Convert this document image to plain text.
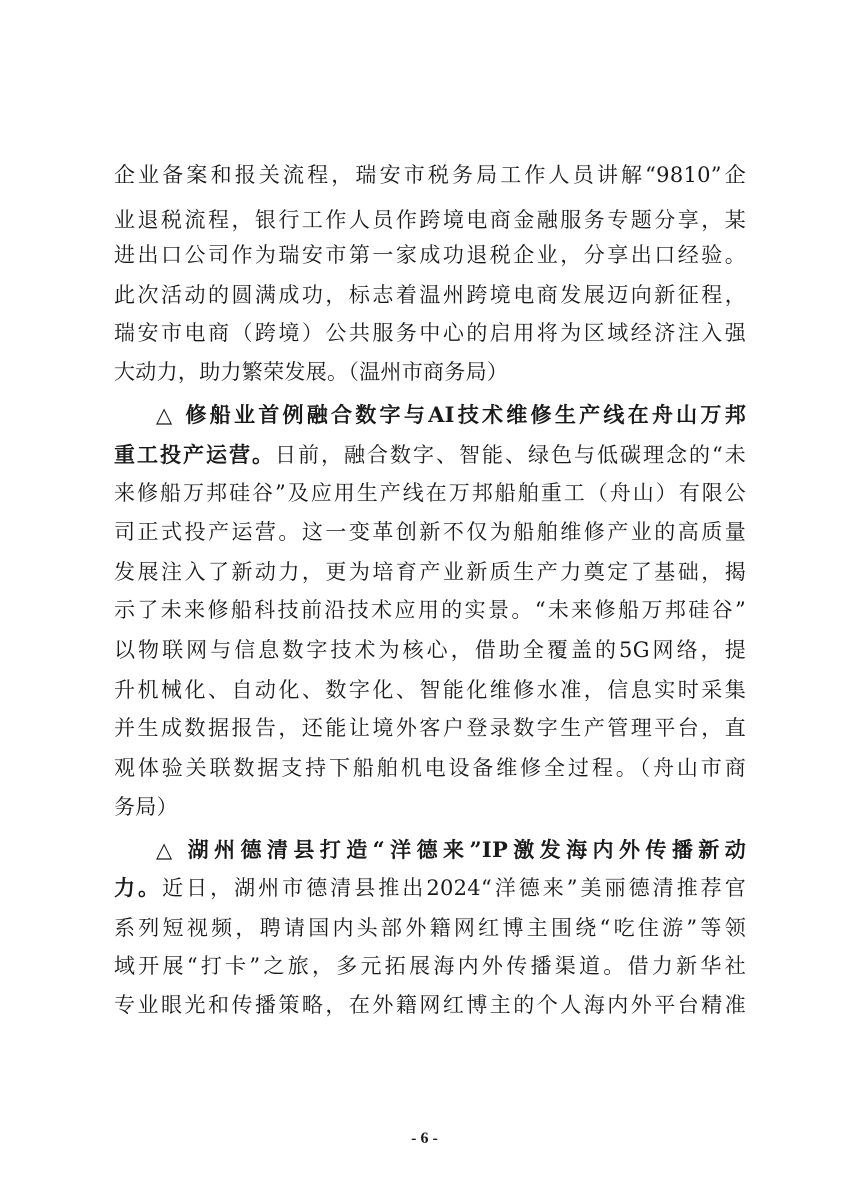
企业备案和报关流程，瑞安市税务局工作人员讲解“9810”企
业退税流程，银行工作人员作跨境电商金融服务专题分享，某
进出口公司作为瑞安市第一家成功退税企业，分享出口经验。
此次活动的圆满成功，标志着温州跨境电商发展迈向新征程，
瑞安市电商（跨境）公共服务中心的启用将为区域经济注入强
大动力，助力繁荣发展。（温州市商务局）
△ 修船业首例融合数字与AI技术维修生产线在舟山万邦
重工投产运营。日前，融合数字、智能、绿色与低碳理念的“未
来修船万邦硅谷”及应用生产线在万邦船舶重工（舟山）有限公
司正式投产运营。这一变革创新不仅为船舶维修产业的高质量
发展注入了新动力，更为培育产业新质生产力奠定了基础，揭
示了未来修船科技前沿技术应用的实景。“未来修船万邦硅谷”
以物联网与信息数字技术为核心，借助全覆盖的5G网络，提
升机械化、自动化、数字化、智能化维修水准，信息实时采集
并生成数据报告，还能让境外客户登录数字生产管理平台，直
观体验关联数据支持下船舶机电设备维修全过程。（舟山市商
务局）
△ 湖州德清县打造“洋德来”IP激发海内外传播新动
力。近日，湖州市德清县推出2024“洋德来”美丽德清推荐官
系列短视频，聘请国内头部外籍网红博主围绕“吃住游”等领
域开展“打卡”之旅，多元拓展海内外传播渠道。借力新华社
专业眼光和传播策略，在外籍网红博主的个人海内外平台精准
- 6 -
